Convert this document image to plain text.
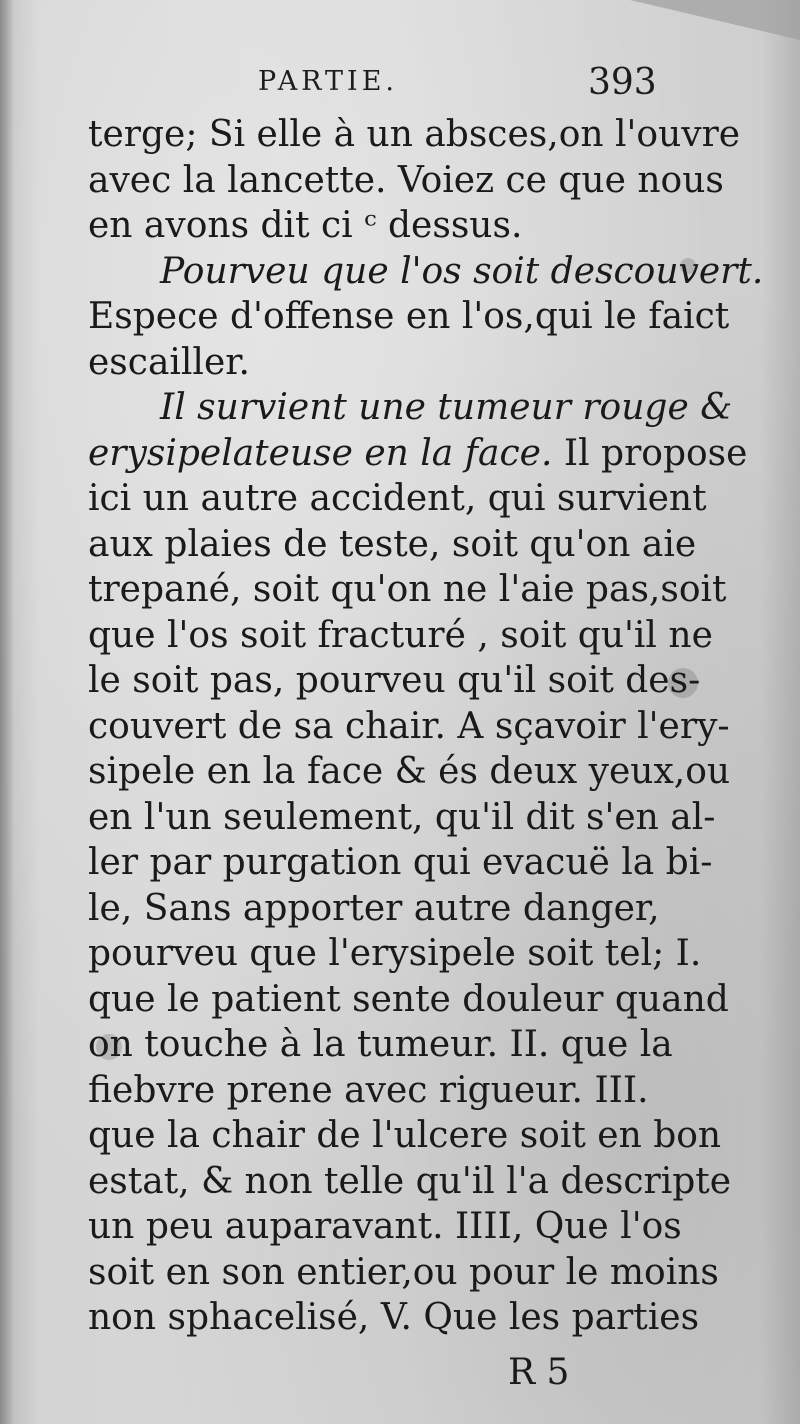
PARTIE.	393
terge; Si elle à un absces,on l'ouvre
avec la lancette. Voiez ce que nous
en avons dit ci ᶜ dessus.
Pourveu que l'os soit descouvert.
Espece d'offense en l'os,qui le faict
escailler.
Il survient une tumeur rouge &
erysipelateuse en la face. Il propose
ici un autre accident, qui survient
aux plaies de teste, soit qu'on aie
trepané, soit qu'on ne l'aie pas,soit
que l'os soit fracturé , soit qu'il ne
le soit pas, pourveu qu'il soit des-
couvert de sa chair. A sçavoir l'ery-
sipele en la face & és deux yeux,ou
en l'un seulement, qu'il dit s'en al-
ler par purgation qui evacuë la bi-
le, Sans apporter autre danger,
pourveu que l'erysipele soit tel; I.
que le patient sente douleur quand
on touche à la tumeur. II. que la
fiebvre prene avec rigueur. III.
que la chair de l'ulcere soit en bon
estat, & non telle qu'il l'a descripte
un peu auparavant. IIII, Que l'os
soit en son entier,ou pour le moins
non sphacelisé, V. Que les parties
R 5
